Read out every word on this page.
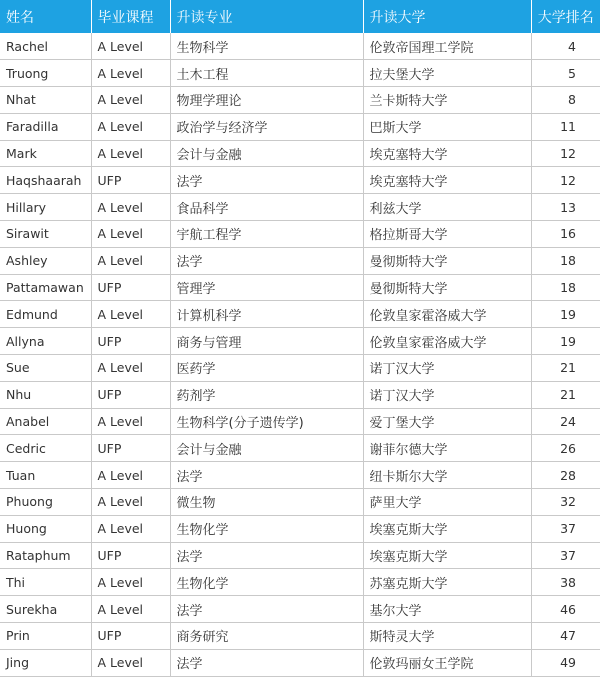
姓名	毕业课程	升读专业	升读大学	大学排名
Rachel	A Level	生物科学	伦敦帝国理工学院	4
Truong	A Level	土木工程	拉夫堡大学	5
Nhat	A Level	物理学理论	兰卡斯特大学	8
Faradilla	A Level	政治学与经济学	巴斯大学	11
Mark	A Level	会计与金融	埃克塞特大学	12
Haqshaarah	UFP	法学	埃克塞特大学	12
Hillary	A Level	食品科学	利兹大学	13
Sirawit	A Level	宇航工程学	格拉斯哥大学	16
Ashley	A Level	法学	曼彻斯特大学	18
Pattamawan	UFP	管理学	曼彻斯特大学	18
Edmund	A Level	计算机科学	伦敦皇家霍洛威大学	19
Allyna	UFP	商务与管理	伦敦皇家霍洛威大学	19
Sue	A Level	医药学	诺丁汉大学	21
Nhu	UFP	药剂学	诺丁汉大学	21
Anabel	A Level	生物科学(分子遗传学)	爱丁堡大学	24
Cedric	UFP	会计与金融	谢菲尔德大学	26
Tuan	A Level	法学	纽卡斯尔大学	28
Phuong	A Level	微生物	萨里大学	32
Huong	A Level	生物化学	埃塞克斯大学	37
Rataphum	UFP	法学	埃塞克斯大学	37
Thi	A Level	生物化学	苏塞克斯大学	38
Surekha	A Level	法学	基尔大学	46
Prin	UFP	商务研究	斯特灵大学	47
Jing	A Level	法学	伦敦玛丽女王学院	49
